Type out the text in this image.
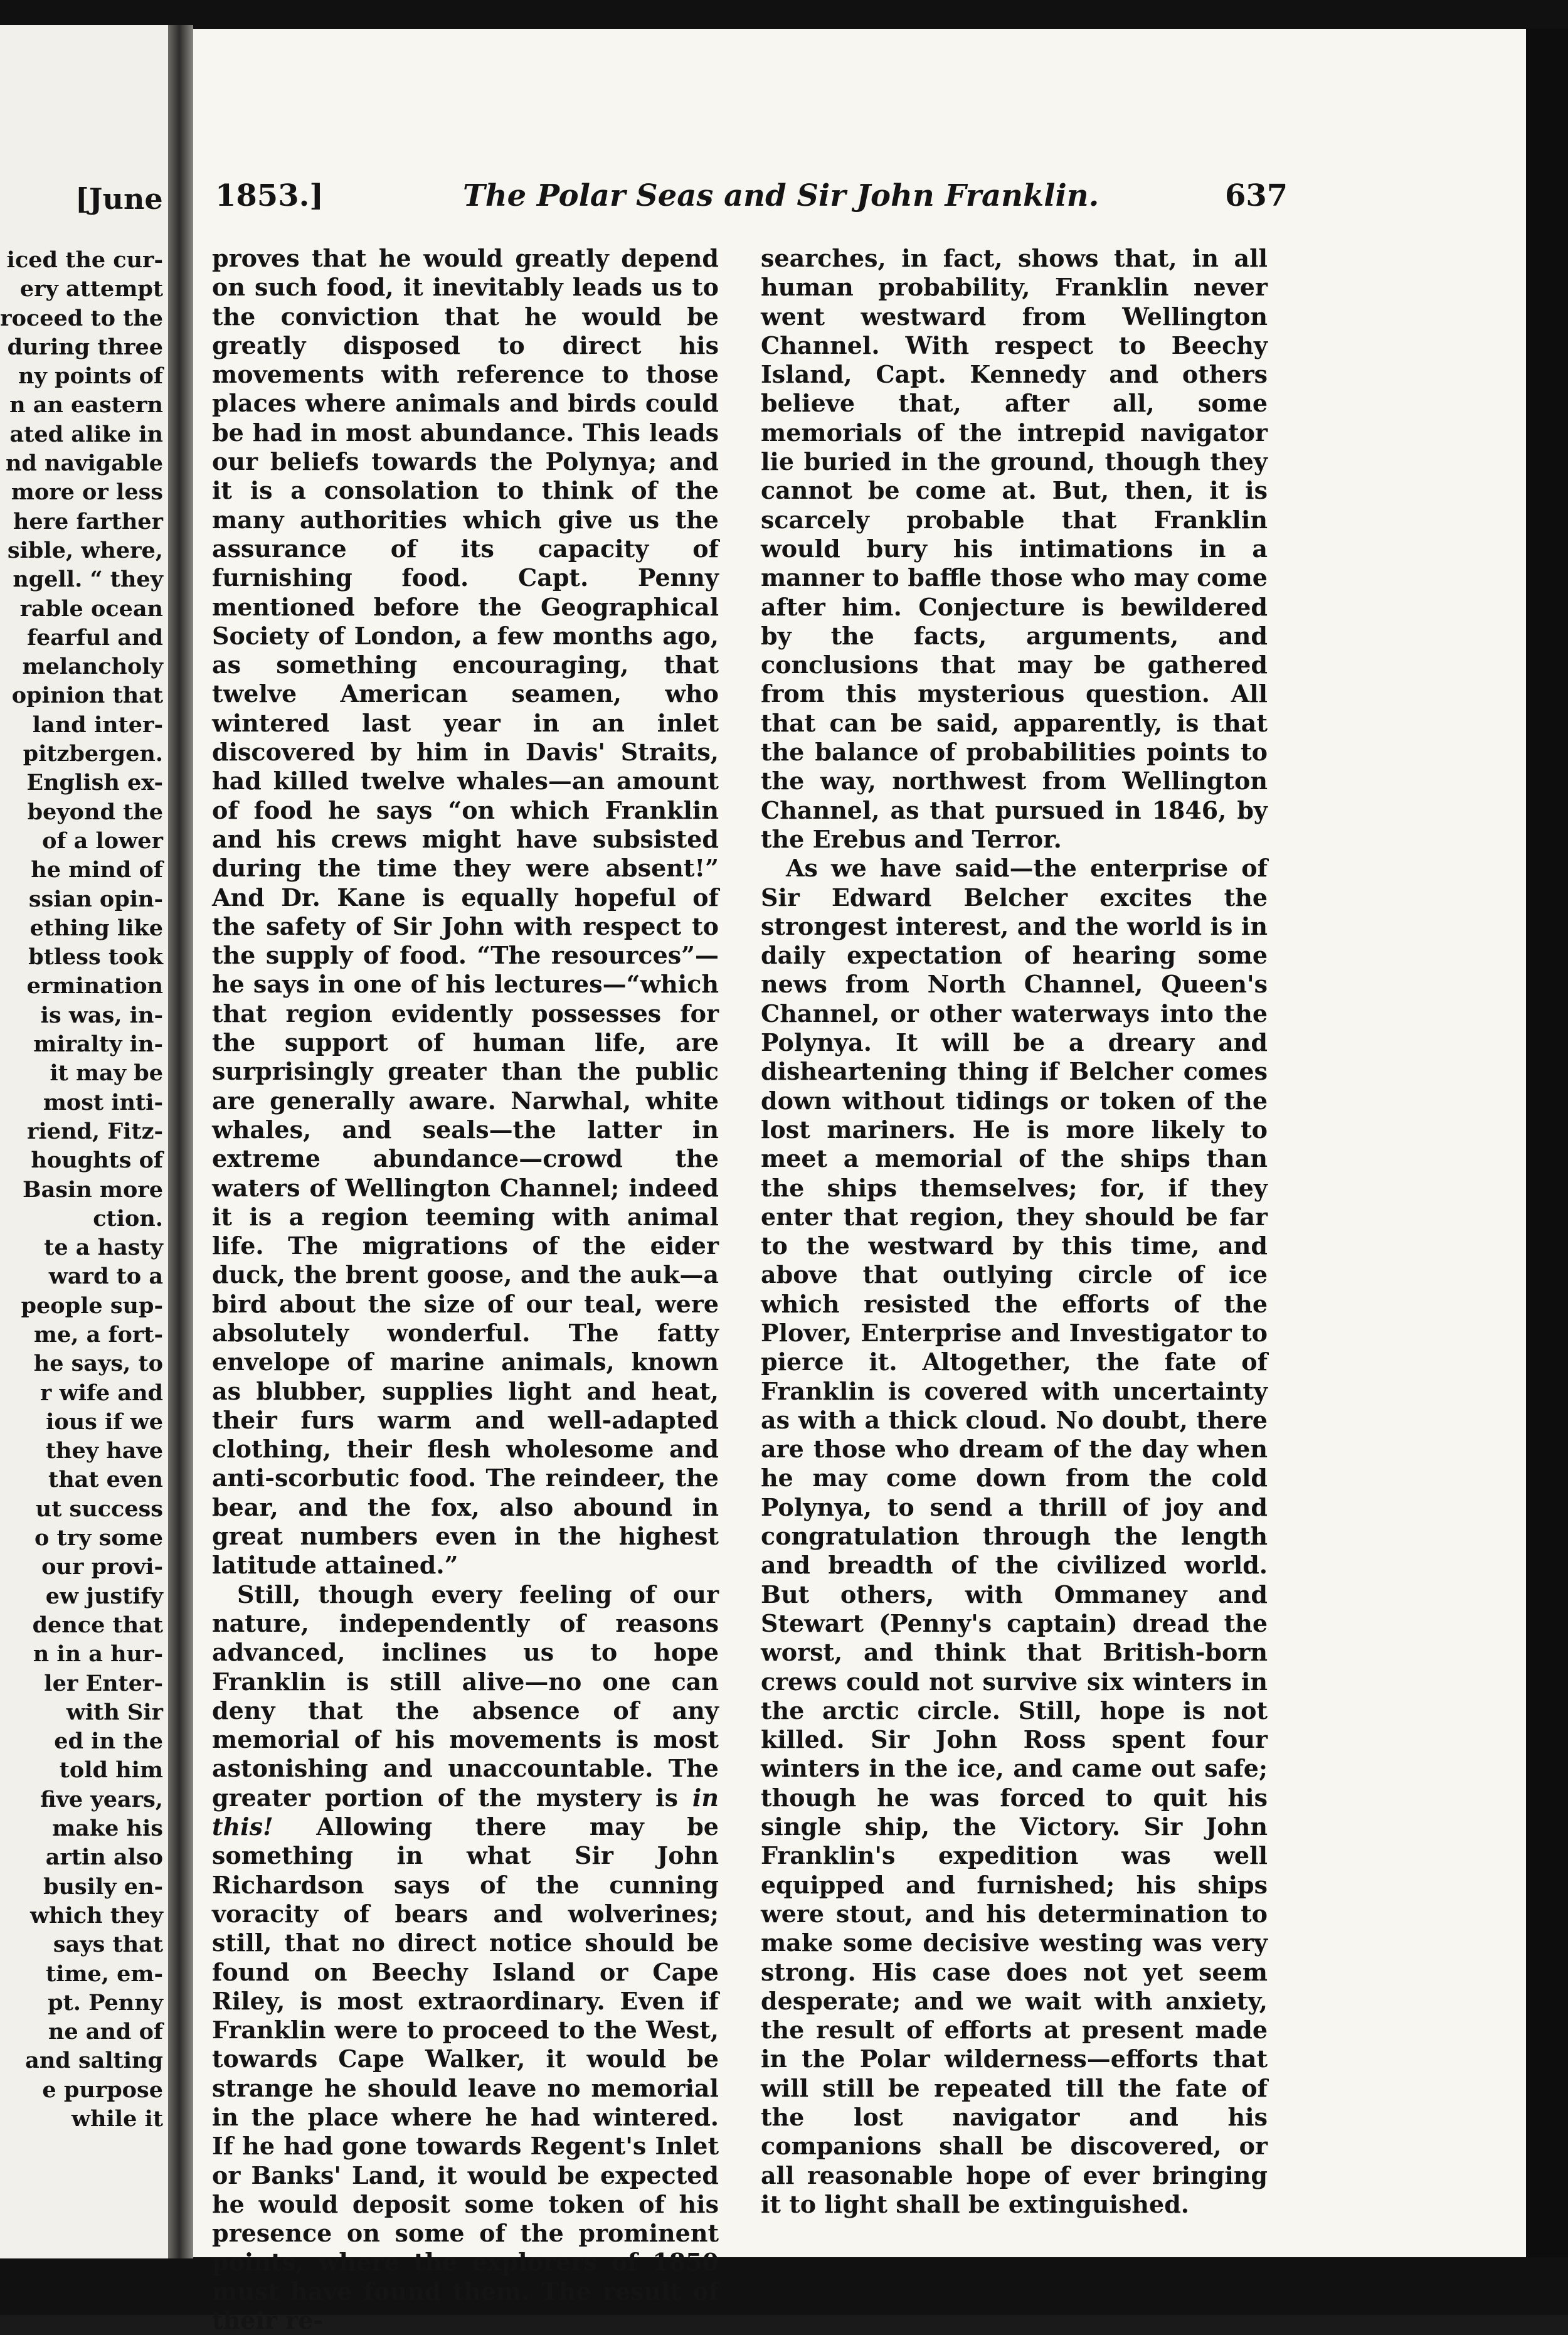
[June
iced the cur-
ery attempt
roceed to the
during three
ny points of
n an eastern
ated alike in
nd navigable
more or less
here farther
sible, where,
ngell. “ they
rable ocean
fearful and
melancholy
opinion that
land inter-
pitzbergen.
English ex-
beyond the
of a lower
he mind of
ssian opin-
ething like
btless took
ermination
is was, in-
miralty in-
it may be
most inti-
riend, Fitz-
houghts of
Basin more
ction.
te a hasty
ward to a
people sup-
me, a fort-
he says, to
r wife and
ious if we
they have
that even
ut success
o try some
our provi-
ew justify
dence that
n in a hur-
ler Enter-
with Sir
ed in the
told him
five years,
make his
artin also
busily en-
which they
says that
time, em-
pt. Penny
ne and of
and salting
e purpose
while it
1853.]	The Polar Seas and Sir John Franklin.	637

proves that he would greatly depend on such food, it inevitably leads us to the conviction that he would be greatly disposed to direct his movements with reference to those places where animals and birds could be had in most abundance. This leads our beliefs towards the Polynya; and it is a consolation to think of the many authorities which give us the assurance of its capacity of furnishing food. Capt. Penny mentioned before the Geographical Society of London, a few months ago, as something encouraging, that twelve American seamen, who wintered last year in an inlet discovered by him in Davis' Straits, had killed twelve whales—an amount of food he says “on which Franklin and his crews might have subsisted during the time they were absent!” And Dr. Kane is equally hopeful of the safety of Sir John with respect to the supply of food. “The resources”—he says in one of his lectures—“which that region evidently possesses for the support of human life, are surprisingly greater than the public are generally aware. Narwhal, white whales, and seals—the latter in extreme abundance—crowd the waters of Wellington Channel; indeed it is a region teeming with animal life. The migrations of the eider duck, the brent goose, and the auk—a bird about the size of our teal, were absolutely wonderful. The fatty envelope of marine animals, known as blubber, supplies light and heat, their furs warm and well-adapted clothing, their flesh wholesome and anti-scorbutic food. The reindeer, the bear, and the fox, also abound in great numbers even in the highest latitude attained.”

Still, though every feeling of our nature, independently of reasons advanced, inclines us to hope Franklin is still alive—no one can deny that the absence of any memorial of his movements is most astonishing and unaccountable. The greater portion of the mystery is in this! Allowing there may be something in what Sir John Richardson says of the cunning voracity of bears and wolverines; still, that no direct notice should be found on Beechy Island or Cape Riley, is most extraordinary. Even if Franklin were to proceed to the West, towards Cape Walker, it would be strange he should leave no memorial in the place where he had wintered. If he had gone towards Regent's Inlet or Banks' Land, it would be expected he would deposit some token of his presence on some of the prominent points, where the explorers of 1850 must have found them. The result of their re-

searches, in fact, shows that, in all human probability, Franklin never went westward from Wellington Channel. With respect to Beechy Island, Capt. Kennedy and others believe that, after all, some memorials of the intrepid navigator lie buried in the ground, though they cannot be come at. But, then, it is scarcely probable that Franklin would bury his intimations in a manner to baffle those who may come after him. Conjecture is bewildered by the facts, arguments, and conclusions that may be gathered from this mysterious question. All that can be said, apparently, is that the balance of probabilities points to the way, northwest from Wellington Channel, as that pursued in 1846, by the Erebus and Terror.

As we have said—the enterprise of Sir Edward Belcher excites the strongest interest, and the world is in daily expectation of hearing some news from North Channel, Queen's Channel, or other waterways into the Polynya. It will be a dreary and disheartening thing if Belcher comes down without tidings or token of the lost mariners. He is more likely to meet a memorial of the ships than the ships themselves; for, if they enter that region, they should be far to the westward by this time, and above that outlying circle of ice which resisted the efforts of the Plover, Enterprise and Investigator to pierce it. Altogether, the fate of Franklin is covered with uncertainty as with a thick cloud. No doubt, there are those who dream of the day when he may come down from the cold Polynya, to send a thrill of joy and congratulation through the length and breadth of the civilized world. But others, with Ommaney and Stewart (Penny's captain) dread the worst, and think that British-born crews could not survive six winters in the arctic circle. Still, hope is not killed. Sir John Ross spent four winters in the ice, and came out safe; though he was forced to quit his single ship, the Victory. Sir John Franklin's expedition was well equipped and furnished; his ships were stout, and his determination to make some decisive westing was very strong. His case does not yet seem desperate; and we wait with anxiety, the result of efforts at present made in the Polar wilderness—efforts that will still be repeated till the fate of the lost navigator and his companions shall be discovered, or all reasonable hope of ever bringing it to light shall be extinguished.
